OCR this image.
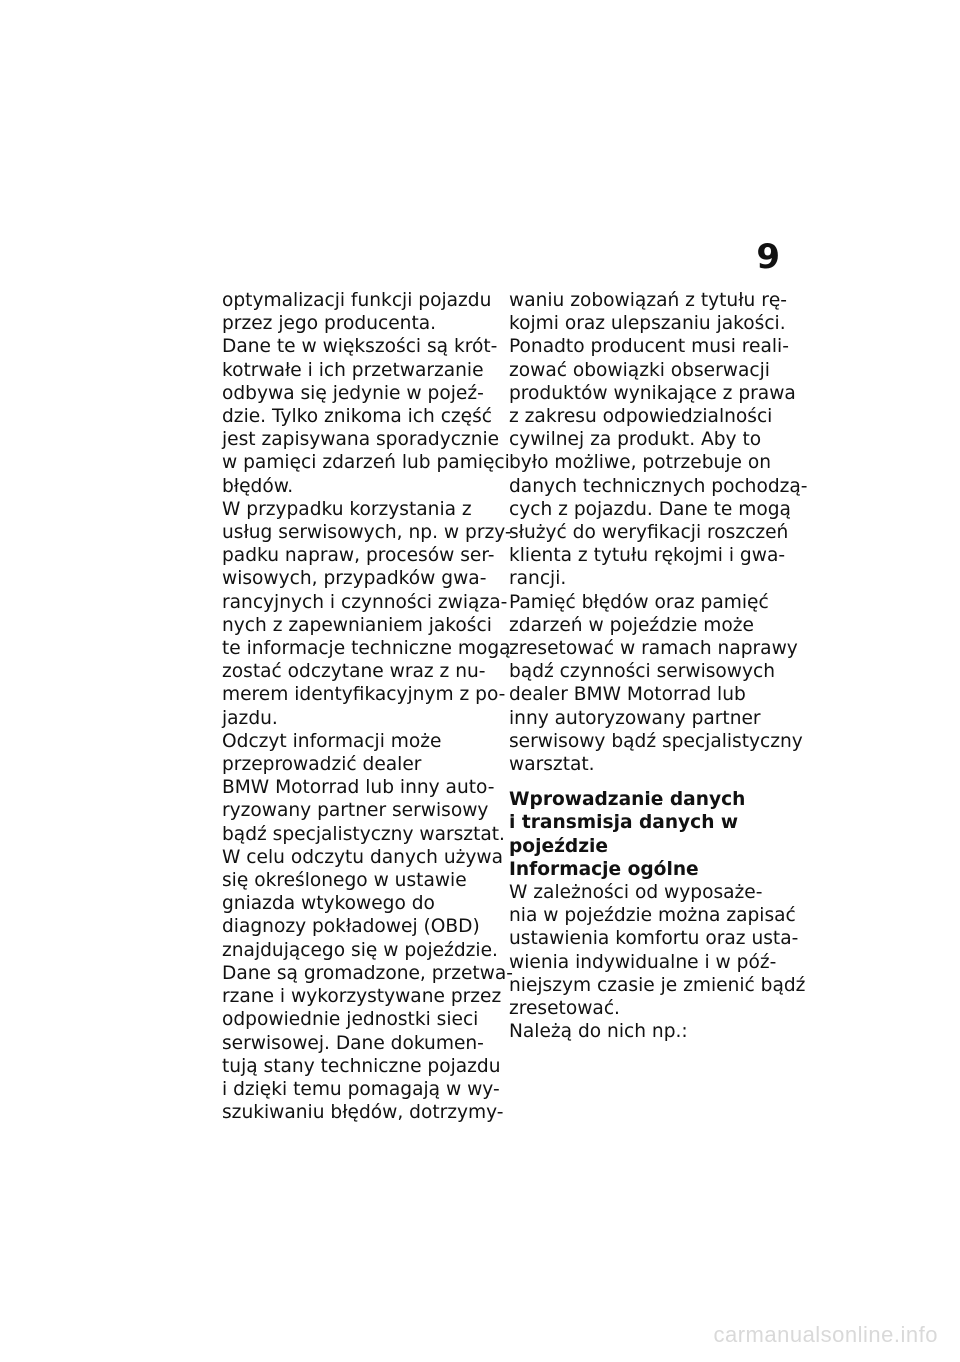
9
optymalizacji funkcji pojazdu
przez jego producenta.
Dane te w większości są krót-
kotrwałe i ich przetwarzanie
odbywa się jedynie w pojeź-
dzie. Tylko znikoma ich część
jest zapisywana sporadycznie
w pamięci zdarzeń lub pamięci
błędów.
W przypadku korzystania z
usług serwisowych, np. w przy-
padku napraw, procesów ser-
wisowych, przypadków gwa-
rancyjnych i czynności związa-
nych z zapewnianiem jakości
te informacje techniczne mogą
zostać odczytane wraz z nu-
merem identyfikacyjnym z po-
jazdu.
Odczyt informacji może
przeprowadzić dealer
BMW Motorrad lub inny auto-
ryzowany partner serwisowy
bądź specjalistyczny warsztat.
W celu odczytu danych używa
się określonego w ustawie
gniazda wtykowego do
diagnozy pokładowej (OBD)
znajdującego się w pojeździe.
Dane są gromadzone, przetwa-
rzane i wykorzystywane przez
odpowiednie jednostki sieci
serwisowej. Dane dokumen-
tują stany techniczne pojazdu
i dzięki temu pomagają w wy-
szukiwaniu błędów, dotrzymy-
waniu zobowiązań z tytułu rę-
kojmi oraz ulepszaniu jakości.
Ponadto producent musi reali-
zować obowiązki obserwacji
produktów wynikające z prawa
z zakresu odpowiedzialności
cywilnej za produkt. Aby to
było możliwe, potrzebuje on
danych technicznych pochodzą-
cych z pojazdu. Dane te mogą
służyć do weryfikacji roszczeń
klienta z tytułu rękojmi i gwa-
rancji.
Pamięć błędów oraz pamięć
zdarzeń w pojeździe może
zresetować w ramach naprawy
bądź czynności serwisowych
dealer BMW Motorrad lub
inny autoryzowany partner
serwisowy bądź specjalistyczny
warsztat.
Wprowadzanie danych
i transmisja danych w
pojeździe
Informacje ogólne
W zależności od wyposaże-
nia w pojeździe można zapisać
ustawienia komfortu oraz usta-
wienia indywidualne i w póź-
niejszym czasie je zmienić bądź
zresetować.
Należą do nich np.:
carmanualsonline.info
